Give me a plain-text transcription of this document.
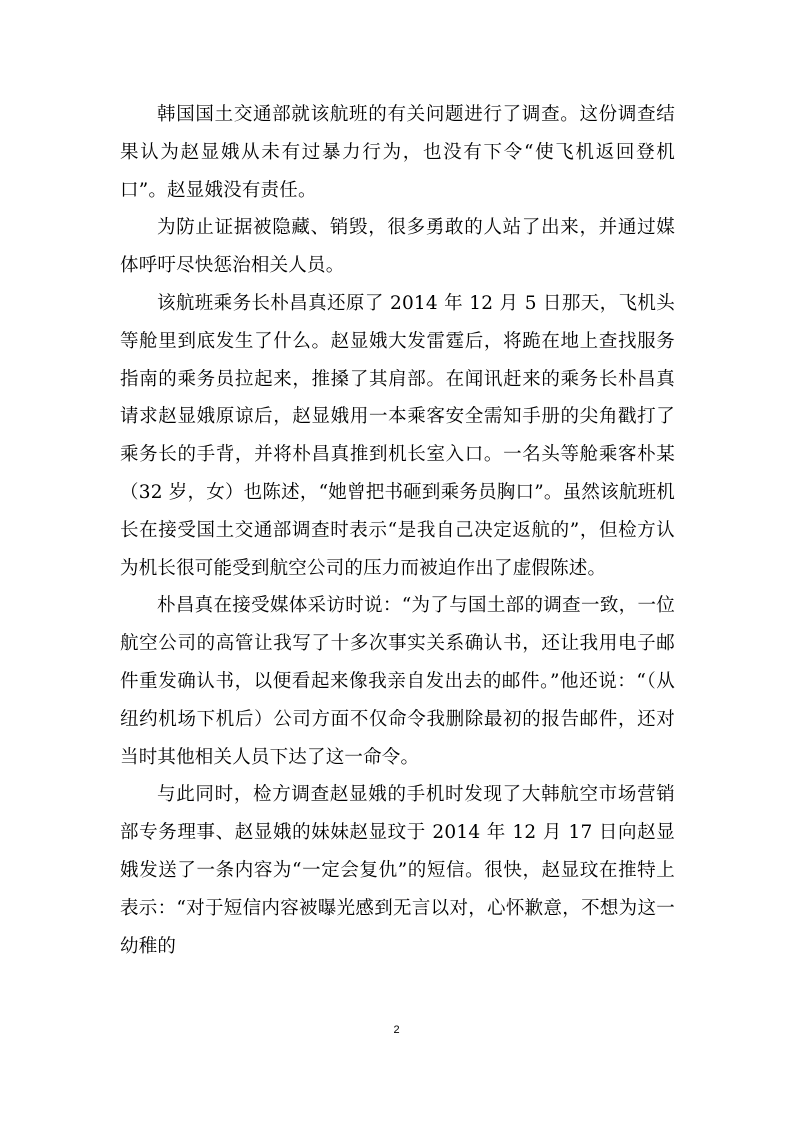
韩国国土交通部就该航班的有关问题进行了调查。这份调查结果认为赵显娥从未有过暴力行为，也没有下令“使飞机返回登机口”。赵显娥没有责任。

为防止证据被隐藏、销毁，很多勇敢的人站了出来，并通过媒体呼吁尽快惩治相关人员。

该航班乘务长朴昌真还原了 2014 年 12 月 5 日那天，飞机头等舱里到底发生了什么。赵显娥大发雷霆后，将跪在地上查找服务指南的乘务员拉起来，推搡了其肩部。在闻讯赶来的乘务长朴昌真请求赵显娥原谅后，赵显娥用一本乘客安全需知手册的尖角戳打了乘务长的手背，并将朴昌真推到机长室入口。一名头等舱乘客朴某（32 岁，女）也陈述，“她曾把书砸到乘务员胸口”。虽然该航班机长在接受国土交通部调查时表示“是我自己决定返航的”，但检方认为机长很可能受到航空公司的压力而被迫作出了虚假陈述。

朴昌真在接受媒体采访时说：“为了与国土部的调查一致，一位航空公司的高管让我写了十多次事实关系确认书，还让我用电子邮件重发确认书，以便看起来像我亲自发出去的邮件。”他还说：“（从纽约机场下机后）公司方面不仅命令我删除最初的报告邮件，还对当时其他相关人员下达了这一命令。

与此同时，检方调查赵显娥的手机时发现了大韩航空市场营销部专务理事、赵显娥的妹妹赵显玟于 2014 年 12 月 17 日向赵显娥发送了一条内容为“一定会复仇”的短信。很快，赵显玟在推特上表示：“对于短信内容被曝光感到无言以对，心怀歉意，不想为这一幼稚的

2
